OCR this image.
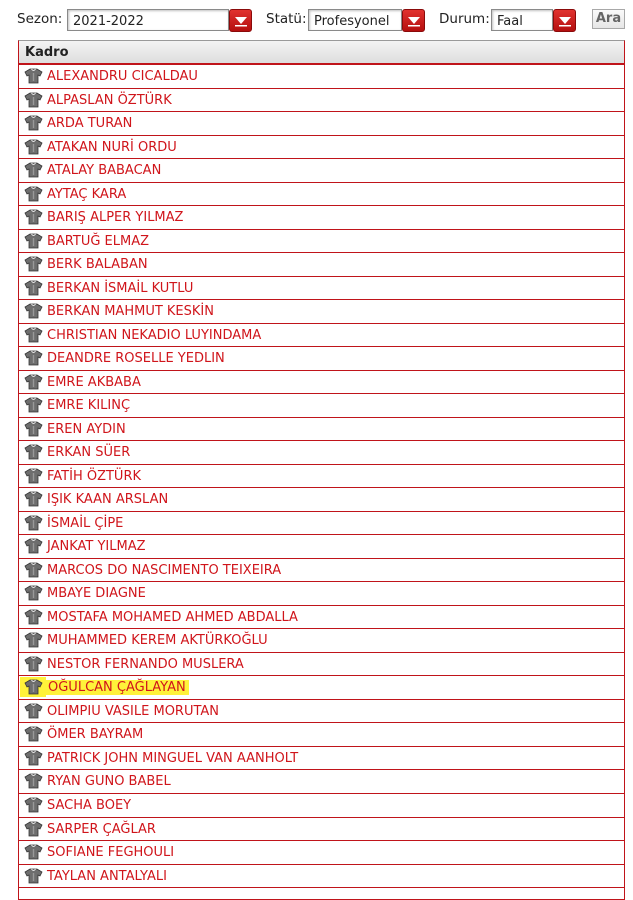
Sezon: 2021-2022	Statü: Profesyonel	Durum: Faal	Ara
Kadro
ALEXANDRU CICALDAU
ALPASLAN ÖZTÜRK
ARDA TURAN
ATAKAN NURİ ORDU
ATALAY BABACAN
AYTAÇ KARA
BARIŞ ALPER YILMAZ
BARTUĞ ELMAZ
BERK BALABAN
BERKAN İSMAİL KUTLU
BERKAN MAHMUT KESKİN
CHRISTIAN NEKADIO LUYINDAMA
DEANDRE ROSELLE YEDLIN
EMRE AKBABA
EMRE KILINÇ
EREN AYDIN
ERKAN SÜER
FATİH ÖZTÜRK
IŞIK KAAN ARSLAN
İSMAİL ÇİPE
JANKAT YILMAZ
MARCOS DO NASCIMENTO TEIXEIRA
MBAYE DIAGNE
MOSTAFA MOHAMED AHMED ABDALLA
MUHAMMED KEREM AKTÜRKOĞLU
NESTOR FERNANDO MUSLERA
OĞULCAN ÇAĞLAYAN
OLIMPIU VASILE MORUTAN
ÖMER BAYRAM
PATRICK JOHN MINGUEL VAN AANHOLT
RYAN GUNO BABEL
SACHA BOEY
SARPER ÇAĞLAR
SOFIANE FEGHOULI
TAYLAN ANTALYALI
